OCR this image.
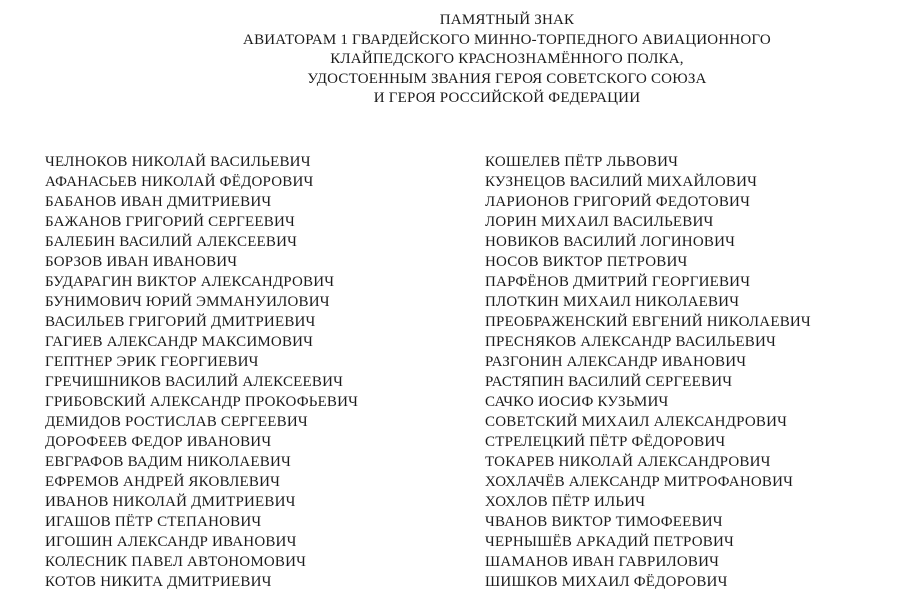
ПАМЯТНЫЙ ЗНАК
АВИАТОРАМ 1 ГВАРДЕЙСКОГО МИННО-ТОРПЕДНОГО АВИАЦИОННОГО
КЛАЙПЕДСКОГО КРАСНОЗНАМЁННОГО ПОЛКА,
УДОСТОЕННЫМ ЗВАНИЯ ГЕРОЯ СОВЕТСКОГО СОЮЗА
И ГЕРОЯ РОССИЙСКОЙ ФЕДЕРАЦИИ
ЧЕЛНОКОВ НИКОЛАЙ ВАСИЛЬЕВИЧ
АФАНАСЬЕВ НИКОЛАЙ ФЁДОРОВИЧ
БАБАНОВ ИВАН ДМИТРИЕВИЧ
БАЖАНОВ ГРИГОРИЙ СЕРГЕЕВИЧ
БАЛЕБИН ВАСИЛИЙ АЛЕКСЕЕВИЧ
БОРЗОВ ИВАН ИВАНОВИЧ
БУДАРАГИН ВИКТОР АЛЕКСАНДРОВИЧ
БУНИМОВИЧ ЮРИЙ ЭММАНУИЛОВИЧ
ВАСИЛЬЕВ ГРИГОРИЙ ДМИТРИЕВИЧ
ГАГИЕВ АЛЕКСАНДР МАКСИМОВИЧ
ГЕПТНЕР ЭРИК ГЕОРГИЕВИЧ
ГРЕЧИШНИКОВ ВАСИЛИЙ АЛЕКСЕЕВИЧ
ГРИБОВСКИЙ АЛЕКСАНДР ПРОКОФЬЕВИЧ
ДЕМИДОВ РОСТИСЛАВ СЕРГЕЕВИЧ
ДОРОФЕЕВ ФЕДОР ИВАНОВИЧ
ЕВГРАФОВ ВАДИМ НИКОЛАЕВИЧ
ЕФРЕМОВ АНДРЕЙ ЯКОВЛЕВИЧ
ИВАНОВ НИКОЛАЙ ДМИТРИЕВИЧ
ИГАШОВ ПЁТР СТЕПАНОВИЧ
ИГОШИН АЛЕКСАНДР ИВАНОВИЧ
КОЛЕСНИК ПАВЕЛ АВТОНОМОВИЧ
КОТОВ НИКИТА ДМИТРИЕВИЧ
КОШЕЛЕВ ПЁТР ЛЬВОВИЧ
КУЗНЕЦОВ ВАСИЛИЙ МИХАЙЛОВИЧ
ЛАРИОНОВ ГРИГОРИЙ ФЕДОТОВИЧ
ЛОРИН МИХАИЛ ВАСИЛЬЕВИЧ
НОВИКОВ ВАСИЛИЙ ЛОГИНОВИЧ
НОСОВ ВИКТОР ПЕТРОВИЧ
ПАРФЁНОВ ДМИТРИЙ ГЕОРГИЕВИЧ
ПЛОТКИН МИХАИЛ НИКОЛАЕВИЧ
ПРЕОБРАЖЕНСКИЙ ЕВГЕНИЙ НИКОЛАЕВИЧ
ПРЕСНЯКОВ АЛЕКСАНДР ВАСИЛЬЕВИЧ
РАЗГОНИН АЛЕКСАНДР ИВАНОВИЧ
РАСТЯПИН ВАСИЛИЙ СЕРГЕЕВИЧ
САЧКО ИОСИФ КУЗЬМИЧ
СОВЕТСКИЙ МИХАИЛ АЛЕКСАНДРОВИЧ
СТРЕЛЕЦКИЙ ПЁТР ФЁДОРОВИЧ
ТОКАРЕВ НИКОЛАЙ АЛЕКСАНДРОВИЧ
ХОХЛАЧЁВ АЛЕКСАНДР МИТРОФАНОВИЧ
ХОХЛОВ ПЁТР ИЛЬИЧ
ЧВАНОВ ВИКТОР ТИМОФЕЕВИЧ
ЧЕРНЫШЁВ АРКАДИЙ ПЕТРОВИЧ
ШАМАНОВ ИВАН ГАВРИЛОВИЧ
ШИШКОВ МИХАИЛ ФЁДОРОВИЧ
